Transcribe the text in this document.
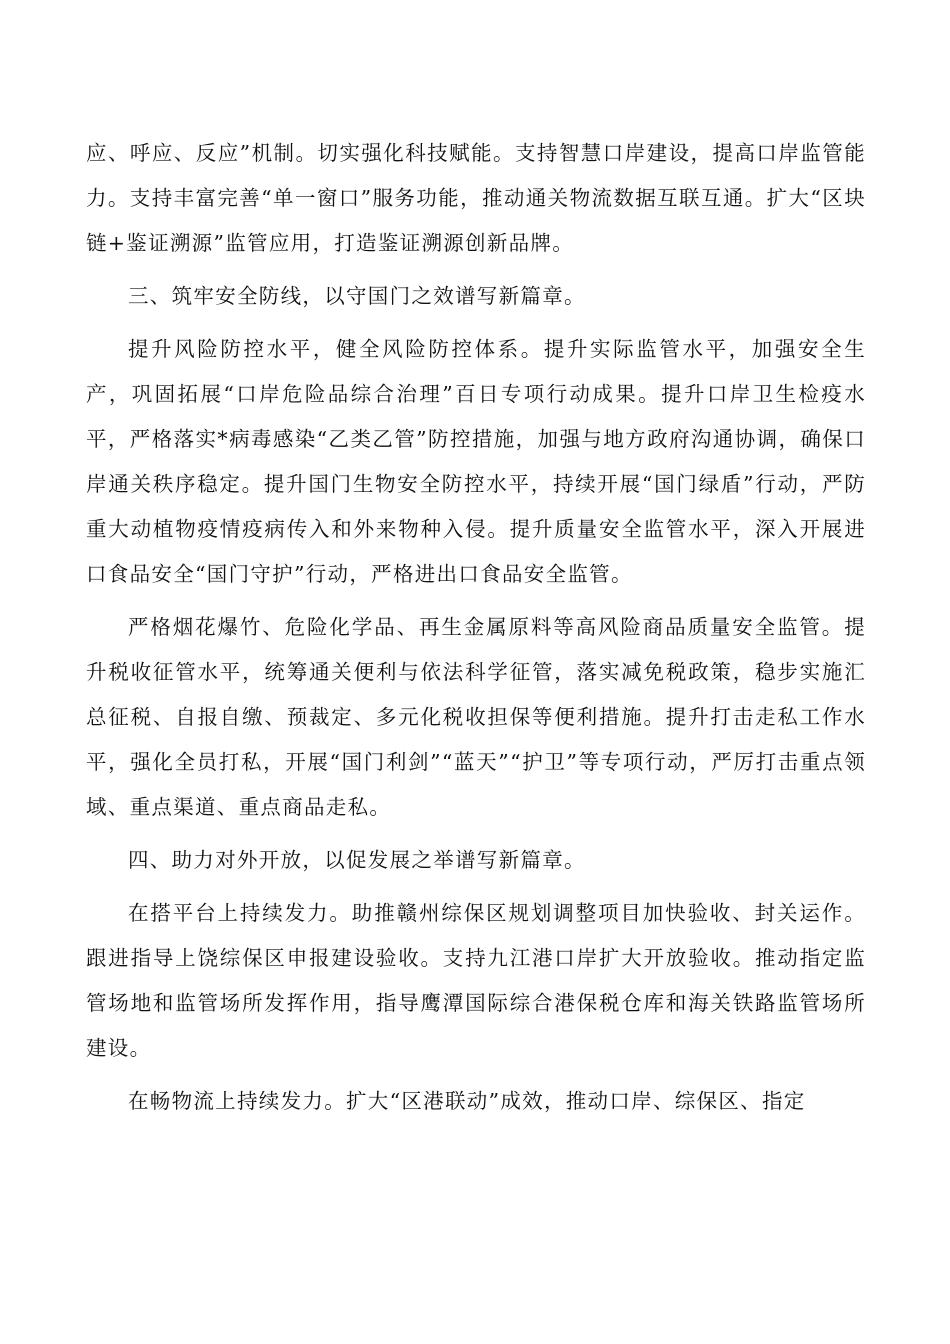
应、呼应、反应”机制。切实强化科技赋能。支持智慧口岸建设，提高口岸监管能力。支持丰富完善“单一窗口”服务功能，推动通关物流数据互联互通。扩大“区块链+鉴证溯源”监管应用，打造鉴证溯源创新品牌。

三、筑牢安全防线，以守国门之效谱写新篇章。

提升风险防控水平，健全风险防控体系。提升实际监管水平，加强安全生产，巩固拓展“口岸危险品综合治理”百日专项行动成果。提升口岸卫生检疫水平，严格落实*病毒感染“乙类乙管”防控措施，加强与地方政府沟通协调，确保口岸通关秩序稳定。提升国门生物安全防控水平，持续开展“国门绿盾”行动，严防重大动植物疫情疫病传入和外来物种入侵。提升质量安全监管水平，深入开展进口食品安全“国门守护”行动，严格进出口食品安全监管。

严格烟花爆竹、危险化学品、再生金属原料等高风险商品质量安全监管。提升税收征管水平，统筹通关便利与依法科学征管，落实减免税政策，稳步实施汇总征税、自报自缴、预裁定、多元化税收担保等便利措施。提升打击走私工作水平，强化全员打私，开展“国门利剑”“蓝天”“护卫”等专项行动，严厉打击重点领域、重点渠道、重点商品走私。

四、助力对外开放，以促发展之举谱写新篇章。

在搭平台上持续发力。助推赣州综保区规划调整项目加快验收、封关运作。跟进指导上饶综保区申报建设验收。支持九江港口岸扩大开放验收。推动指定监管场地和监管场所发挥作用，指导鹰潭国际综合港保税仓库和海关铁路监管场所建设。

在畅物流上持续发力。扩大“区港联动”成效，推动口岸、综保区、指定
